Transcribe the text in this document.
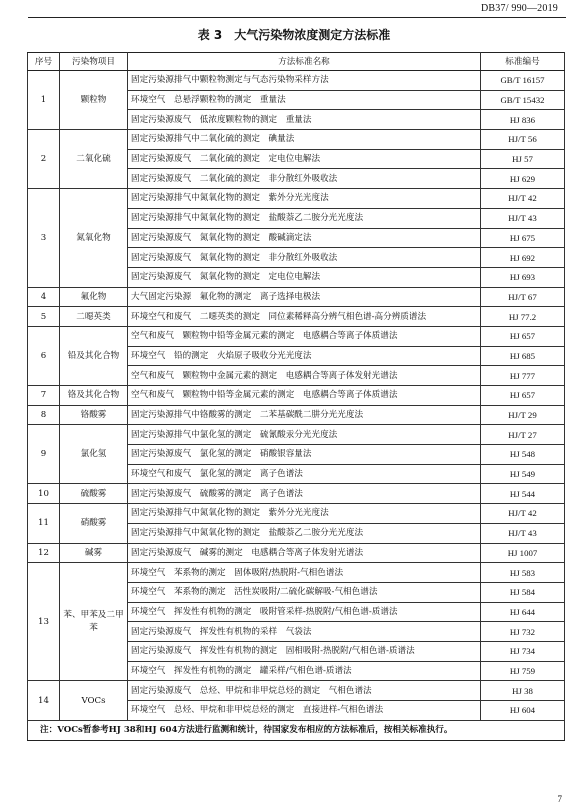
DB37/ 990—2019
表 3　大气污染物浓度测定方法标准
序号	污染物项目	方法标准名称	标准编号
1	颗粒物	固定污染源排气中颗粒物测定与气态污染物采样方法	GB/T 16157
		环境空气　总悬浮颗粒物的测定　重量法	GB/T 15432
		固定污染源废气　低浓度颗粒物的测定　重量法	HJ 836
2	二氧化硫	固定污染源排气中二氧化硫的测定　碘量法	HJ/T 56
		固定污染源废气　二氧化硫的测定　定电位电解法	HJ 57
		固定污染源废气　二氧化硫的测定　非分散红外吸收法	HJ 629
3	氮氧化物	固定污染源排气中氮氧化物的测定　紫外分光光度法	HJ/T 42
		固定污染源排气中氮氧化物的测定　盐酸萘乙二胺分光光度法	HJ/T 43
		固定污染源废气　氮氧化物的测定　酸碱滴定法	HJ 675
		固定污染源废气　氮氧化物的测定　非分散红外吸收法	HJ 692
		固定污染源废气　氮氧化物的测定　定电位电解法	HJ 693
4	氟化物	大气固定污染源　氟化物的测定　离子选择电极法	HJ/T 67
5	二噁英类	环境空气和废气　二噁英类的测定　同位素稀释高分辨气相色谱-高分辨质谱法	HJ 77.2
6	铅及其化合物	空气和废气　颗粒物中铅等金属元素的测定　电感耦合等离子体质谱法	HJ 657
		环境空气　铅的测定　火焰原子吸收分光光度法	HJ 685
		空气和废气　颗粒物中金属元素的测定　电感耦合等离子体发射光谱法	HJ 777
7	铬及其化合物	空气和废气　颗粒物中铅等金属元素的测定　电感耦合等离子体质谱法	HJ 657
8	铬酸雾	固定污染源排气中铬酸雾的测定　二苯基碳酰二肼分光光度法	HJ/T 29
9	氯化氢	固定污染源排气中氯化氢的测定　硫氰酸汞分光光度法	HJ/T 27
		固定污染源废气　氯化氢的测定　硝酸银容量法	HJ 548
		环境空气和废气　氯化氢的测定　离子色谱法	HJ 549
10	硫酸雾	固定污染源废气　硫酸雾的测定　离子色谱法	HJ 544
11	硝酸雾	固定污染源排气中氮氧化物的测定　紫外分光光度法	HJ/T 42
		固定污染源排气中氮氧化物的测定　盐酸萘乙二胺分光光度法	HJ/T 43
12	碱雾	固定污染源废气　碱雾的测定　电感耦合等离子体发射光谱法	HJ 1007
13	苯、甲苯及二甲苯	环境空气　苯系物的测定　固体吸附/热脱附-气相色谱法	HJ 583
		环境空气　苯系物的测定　活性炭吸附/二硫化碳解吸-气相色谱法	HJ 584
		环境空气　挥发性有机物的测定　吸附管采样-热脱附/气相色谱-质谱法	HJ 644
		固定污染源废气　挥发性有机物的采样　气袋法	HJ 732
		固定污染源废气　挥发性有机物的测定　固相吸附-热脱附/气相色谱-质谱法	HJ 734
		环境空气　挥发性有机物的测定　罐采样/气相色谱-质谱法	HJ 759
14	VOCs	固定污染源废气　总烃、甲烷和非甲烷总烃的测定　气相色谱法	HJ 38
		环境空气　总烃、甲烷和非甲烷总烃的测定　直接进样-气相色谱法	HJ 604
注：VOCs暂参考HJ 38和HJ 604方法进行监测和统计，待国家发布相应的方法标准后，按相关标准执行。			
7
